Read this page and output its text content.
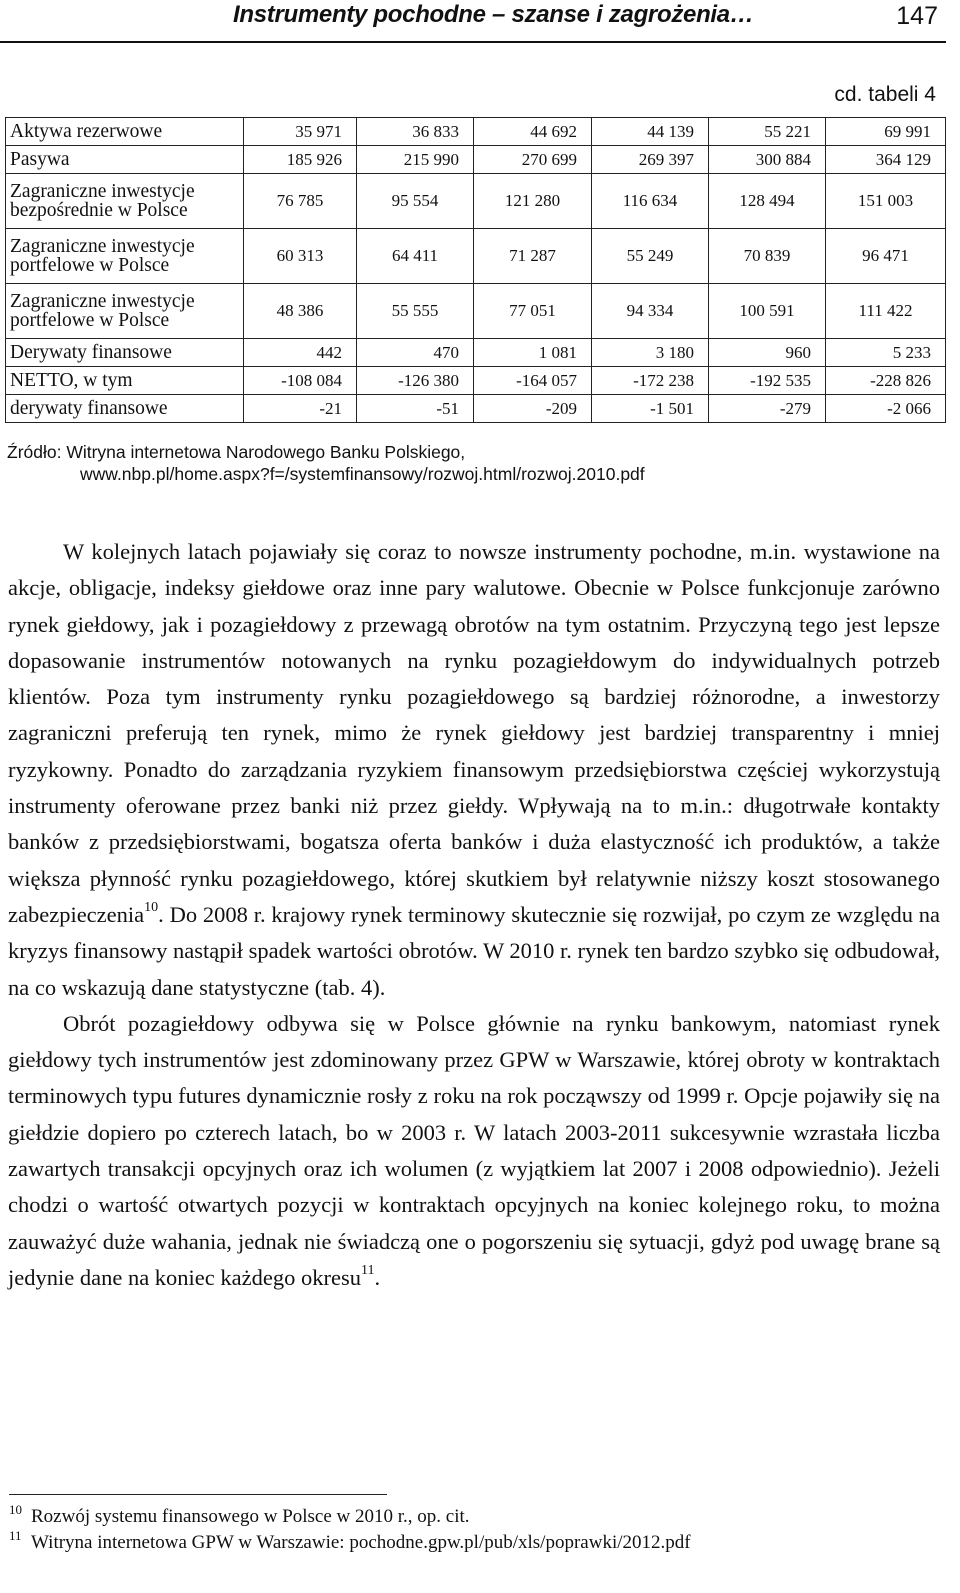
Instrumenty pochodne – szanse i zagrożenia…	147
cd. tabeli 4
Aktywa rezerwowe	35 971	36 833	44 692	44 139	55 221	69 991
Pasywa	185 926	215 990	270 699	269 397	300 884	364 129
Zagraniczne inwestycje bezpośrednie w Polsce	76 785	95 554	121 280	116 634	128 494	151 003
Zagraniczne inwestycje portfelowe w Polsce	60 313	64 411	71 287	55 249	70 839	96 471
Zagraniczne inwestycje portfelowe w Polsce	48 386	55 555	77 051	94 334	100 591	111 422
Derywaty finansowe	442	470	1 081	3 180	960	5 233
NETTO, w tym	-108 084	-126 380	-164 057	-172 238	-192 535	-228 826
derywaty finansowe	-21	-51	-209	-1 501	-279	-2 066
Źródło: Witryna internetowa Narodowego Banku Polskiego,
www.nbp.pl/home.aspx?f=/systemfinansowy/rozwoj.html/rozwoj.2010.pdf

W kolejnych latach pojawiały się coraz to nowsze instrumenty pochodne, m.in. wystawione na akcje, obligacje, indeksy giełdowe oraz inne pary walutowe. Obecnie w Polsce funkcjonuje zarówno rynek giełdowy, jak i pozagiełdowy z przewagą obrotów na tym ostatnim. Przyczyną tego jest lepsze dopasowanie instrumentów notowanych na rynku pozagiełdowym do indywidualnych potrzeb klientów. Poza tym instrumenty rynku pozagiełdowego są bardziej różnorodne, a inwestorzy zagraniczni preferują ten rynek, mimo że rynek giełdowy jest bardziej transparentny i mniej ryzykowny. Ponadto do zarządzania ryzykiem finansowym przedsiębiorstwa częściej wykorzystują instrumenty oferowane przez banki niż przez giełdy. Wpływają na to m.in.: długotrwałe kontakty banków z przedsiębiorstwami, bogatsza oferta banków i duża elastyczność ich produktów, a także większa płynność rynku pozagiełdowego, której skutkiem był relatywnie niższy koszt stosowanego zabezpieczenia$^{10}$. Do 2008 r. krajowy rynek terminowy skutecznie się rozwijał, po czym ze względu na kryzys finansowy nastąpił spadek wartości obrotów. W 2010 r. rynek ten bardzo szybko się odbudował, na co wskazują dane statystyczne (tab. 4).

Obrót pozagiełdowy odbywa się w Polsce głównie na rynku bankowym, natomiast rynek giełdowy tych instrumentów jest zdominowany przez GPW w Warszawie, której obroty w kontraktach terminowych typu futures dynamicznie rosły z roku na rok począwszy od 1999 r. Opcje pojawiły się na giełdzie dopiero po czterech latach, bo w 2003 r. W latach 2003-2011 sukcesywnie wzrastała liczba zawartych transakcji opcyjnych oraz ich wolumen (z wyjątkiem lat 2007 i 2008 odpowiednio). Jeżeli chodzi o wartość otwartych pozycji w kontraktach opcyjnych na koniec kolejnego roku, to można zauważyć duże wahania, jednak nie świadczą one o pogorszeniu się sytuacji, gdyż pod uwagę brane są jedynie dane na koniec każdego okresu$^{11}$.

10 Rozwój systemu finansowego w Polsce w 2010 r., op. cit.
11 Witryna internetowa GPW w Warszawie: pochodne.gpw.pl/pub/xls/poprawki/2012.pdf
